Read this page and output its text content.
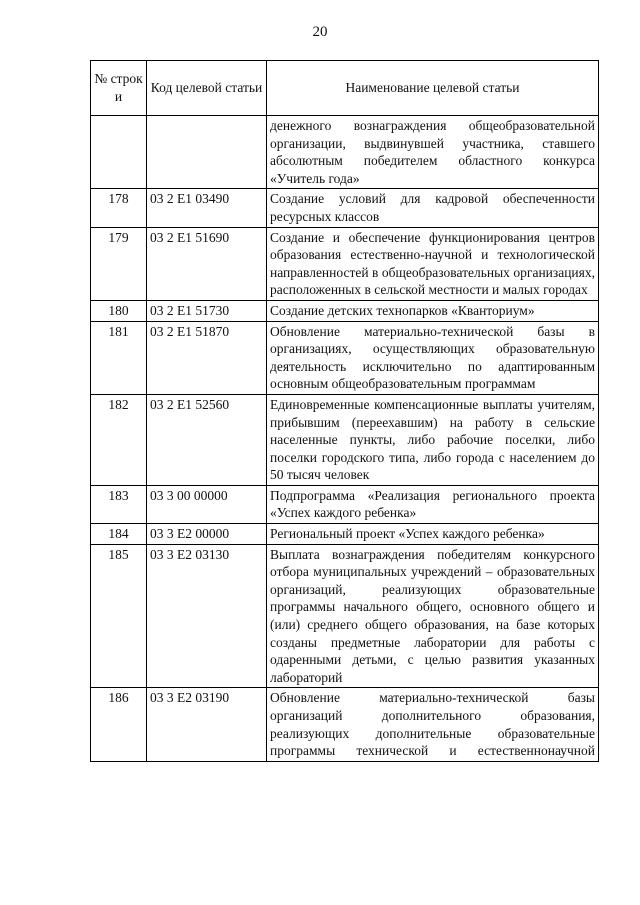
20
№ строк и	Код целевой статьи	Наименование целевой статьи
		денежного вознаграждения общеобразовательной организации, выдвинувшей участника, ставшего абсолютным победителем областного конкурса «Учитель года»
178	03 2 E1 03490	Создание условий для кадровой обеспеченности ресурсных классов
179	03 2 E1 51690	Создание и обеспечение функционирования центров образования естественно-научной и технологической направленностей в общеобразовательных организациях, расположенных в сельской местности и малых городах
180	03 2 E1 51730	Создание детских технопарков «Кванториум»
181	03 2 E1 51870	Обновление материально-технической базы в организациях, осуществляющих образовательную деятельность исключительно по адаптированным основным общеобразовательным программам
182	03 2 E1 52560	Единовременные компенсационные выплаты учителям, прибывшим (переехавшим) на работу в сельские населенные пункты, либо рабочие поселки, либо поселки городского типа, либо города с населением до 50 тысяч человек
183	03 3 00 00000	Подпрограмма «Реализация регионального проекта «Успех каждого ребенка»
184	03 3 E2 00000	Региональный проект «Успех каждого ребенка»
185	03 3 E2 03130	Выплата вознаграждения победителям конкурсного отбора муниципальных учреждений – образовательных организаций, реализующих образовательные программы начального общего, основного общего и (или) среднего общего образования, на базе которых созданы предметные лаборатории для работы с одаренными детьми, с целью развития указанных лабораторий
186	03 3 E2 03190	Обновление материально-технической базы организаций дополнительного образования, реализующих дополнительные образовательные программы технической и естественнонаучной
